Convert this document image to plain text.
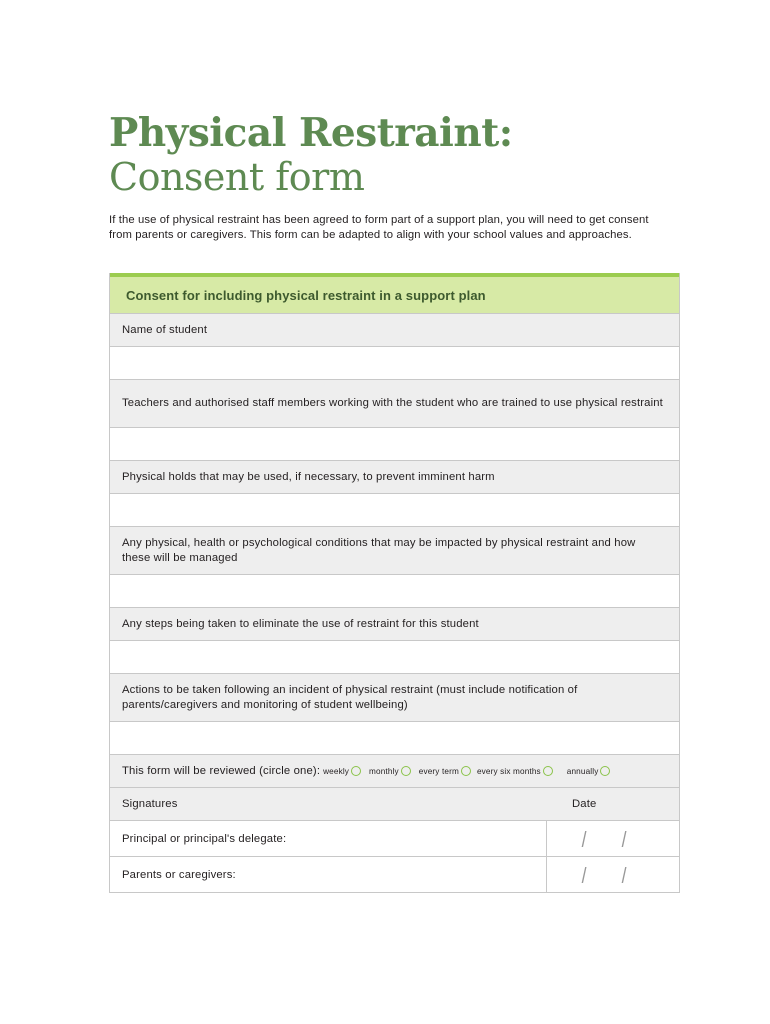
Physical Restraint:
Consent form

If the use of physical restraint has been agreed to form part of a support plan, you will need to get consent from parents or caregivers. This form can be adapted to align with your school values and approaches.

Consent for including physical restraint in a support plan
Name of student
Teachers and authorised staff members working with the student who are trained to use physical restraint
Physical holds that may be used, if necessary, to prevent imminent harm
Any physical, health or psychological conditions that may be impacted by physical restraint and how these will be managed
Any steps being taken to eliminate the use of restraint for this student
Actions to be taken following an incident of physical restraint (must include notification of parents/caregivers and monitoring of student wellbeing)
This form will be reviewed (circle one): weekly monthly every term every six months	annually
Signatures	Date
Principal or principal's delegate:	/ /
Parents or caregivers:	/ /
